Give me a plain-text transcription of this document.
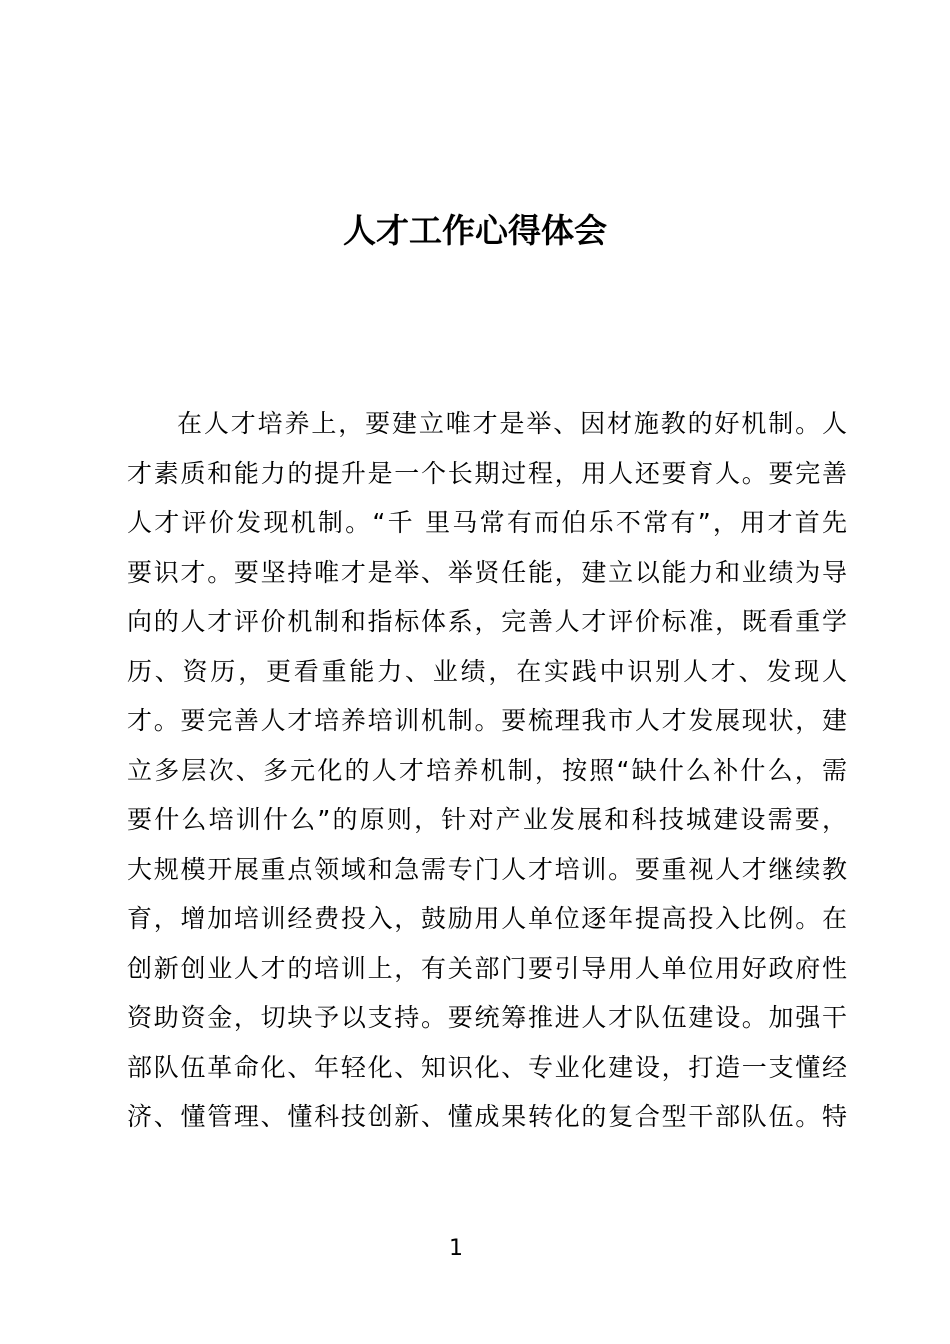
人才工作心得体会
在人才培养上，要建立唯才是举、因材施教的好机制。人
才素质和能力的提升是一个长期过程，用人还要育人。要完善
人才评价发现机制。“千 里马常有而伯乐不常有”，用才首先
要识才。要坚持唯才是举、举贤任能，建立以能力和业绩为导
向的人才评价机制和指标体系，完善人才评价标准，既看重学
历、资历，更看重能力、业绩，在实践中识别人才、发现人
才。要完善人才培养培训机制。要梳理我市人才发展现状，建
立多层次、多元化的人才培养机制，按照“缺什么补什么，需
要什么培训什么”的原则，针对产业发展和科技城建设需要，
大规模开展重点领域和急需专门人才培训。要重视人才继续教
育，增加培训经费投入，鼓励用人单位逐年提高投入比例。在
创新创业人才的培训上，有关部门要引导用人单位用好政府性
资助资金，切块予以支持。要统筹推进人才队伍建设。加强干
部队伍革命化、年轻化、知识化、专业化建设，打造一支懂经
济、懂管理、懂科技创新、懂成果转化的复合型干部队伍。特
1
